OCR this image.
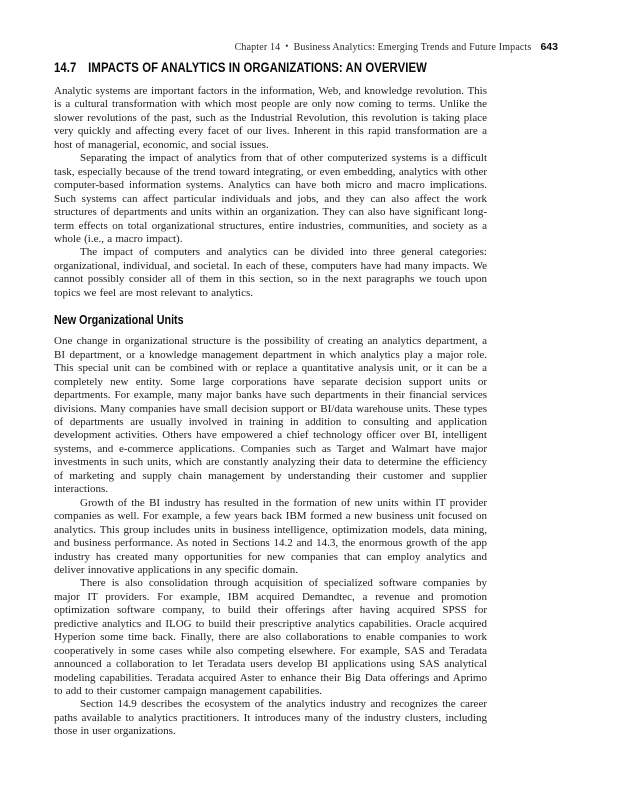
Chapter 14 • Business Analytics: Emerging Trends and Future Impacts 643
14.7 IMPACTS OF ANALYTICS IN ORGANIZATIONS: AN OVERVIEW

Analytic systems are important factors in the information, Web, and knowledge revolution. This is a cultural transformation with which most people are only now coming to terms. Unlike the slower revolutions of the past, such as the Industrial Revolution, this revolution is taking place very quickly and affecting every facet of our lives. Inherent in this rapid transformation are a host of managerial, economic, and social issues.

Separating the impact of analytics from that of other computerized systems is a difficult task, especially because of the trend toward integrating, or even embedding, analytics with other computer-based information systems. Analytics can have both micro and macro implications. Such systems can affect particular individuals and jobs, and they can also affect the work structures of departments and units within an organization. They can also have significant long-term effects on total organizational structures, entire industries, communities, and society as a whole (i.e., a macro impact).

The impact of computers and analytics can be divided into three general categories: organizational, individual, and societal. In each of these, computers have had many impacts. We cannot possibly consider all of them in this section, so in the next paragraphs we touch upon topics we feel are most relevant to analytics.

New Organizational Units

One change in organizational structure is the possibility of creating an analytics department, a BI department, or a knowledge management department in which analytics play a major role. This special unit can be combined with or replace a quantitative analysis unit, or it can be a completely new entity. Some large corporations have separate decision support units or departments. For example, many major banks have such departments in their financial services divisions. Many companies have small decision support or BI/data warehouse units. These types of departments are usually involved in training in addition to consulting and application development activities. Others have empowered a chief technology officer over BI, intelligent systems, and e-commerce applications. Companies such as Target and Walmart have major investments in such units, which are constantly analyzing their data to determine the efficiency of marketing and supply chain management by understanding their customer and supplier interactions.

Growth of the BI industry has resulted in the formation of new units within IT provider companies as well. For example, a few years back IBM formed a new business unit focused on analytics. This group includes units in business intelligence, optimization models, data mining, and business performance. As noted in Sections 14.2 and 14.3, the enormous growth of the app industry has created many opportunities for new companies that can employ analytics and deliver innovative applications in any specific domain.

There is also consolidation through acquisition of specialized software companies by major IT providers. For example, IBM acquired Demandtec, a revenue and promotion optimization software company, to build their offerings after having acquired SPSS for predictive analytics and ILOG to build their prescriptive analytics capabilities. Oracle acquired Hyperion some time back. Finally, there are also collaborations to enable companies to work cooperatively in some cases while also competing elsewhere. For example, SAS and Teradata announced a collaboration to let Teradata users develop BI applications using SAS analytical modeling capabilities. Teradata acquired Aster to enhance their Big Data offerings and Aprimo to add to their customer campaign management capabilities.

Section 14.9 describes the ecosystem of the analytics industry and recognizes the career paths available to analytics practitioners. It introduces many of the industry clusters, including those in user organizations.
